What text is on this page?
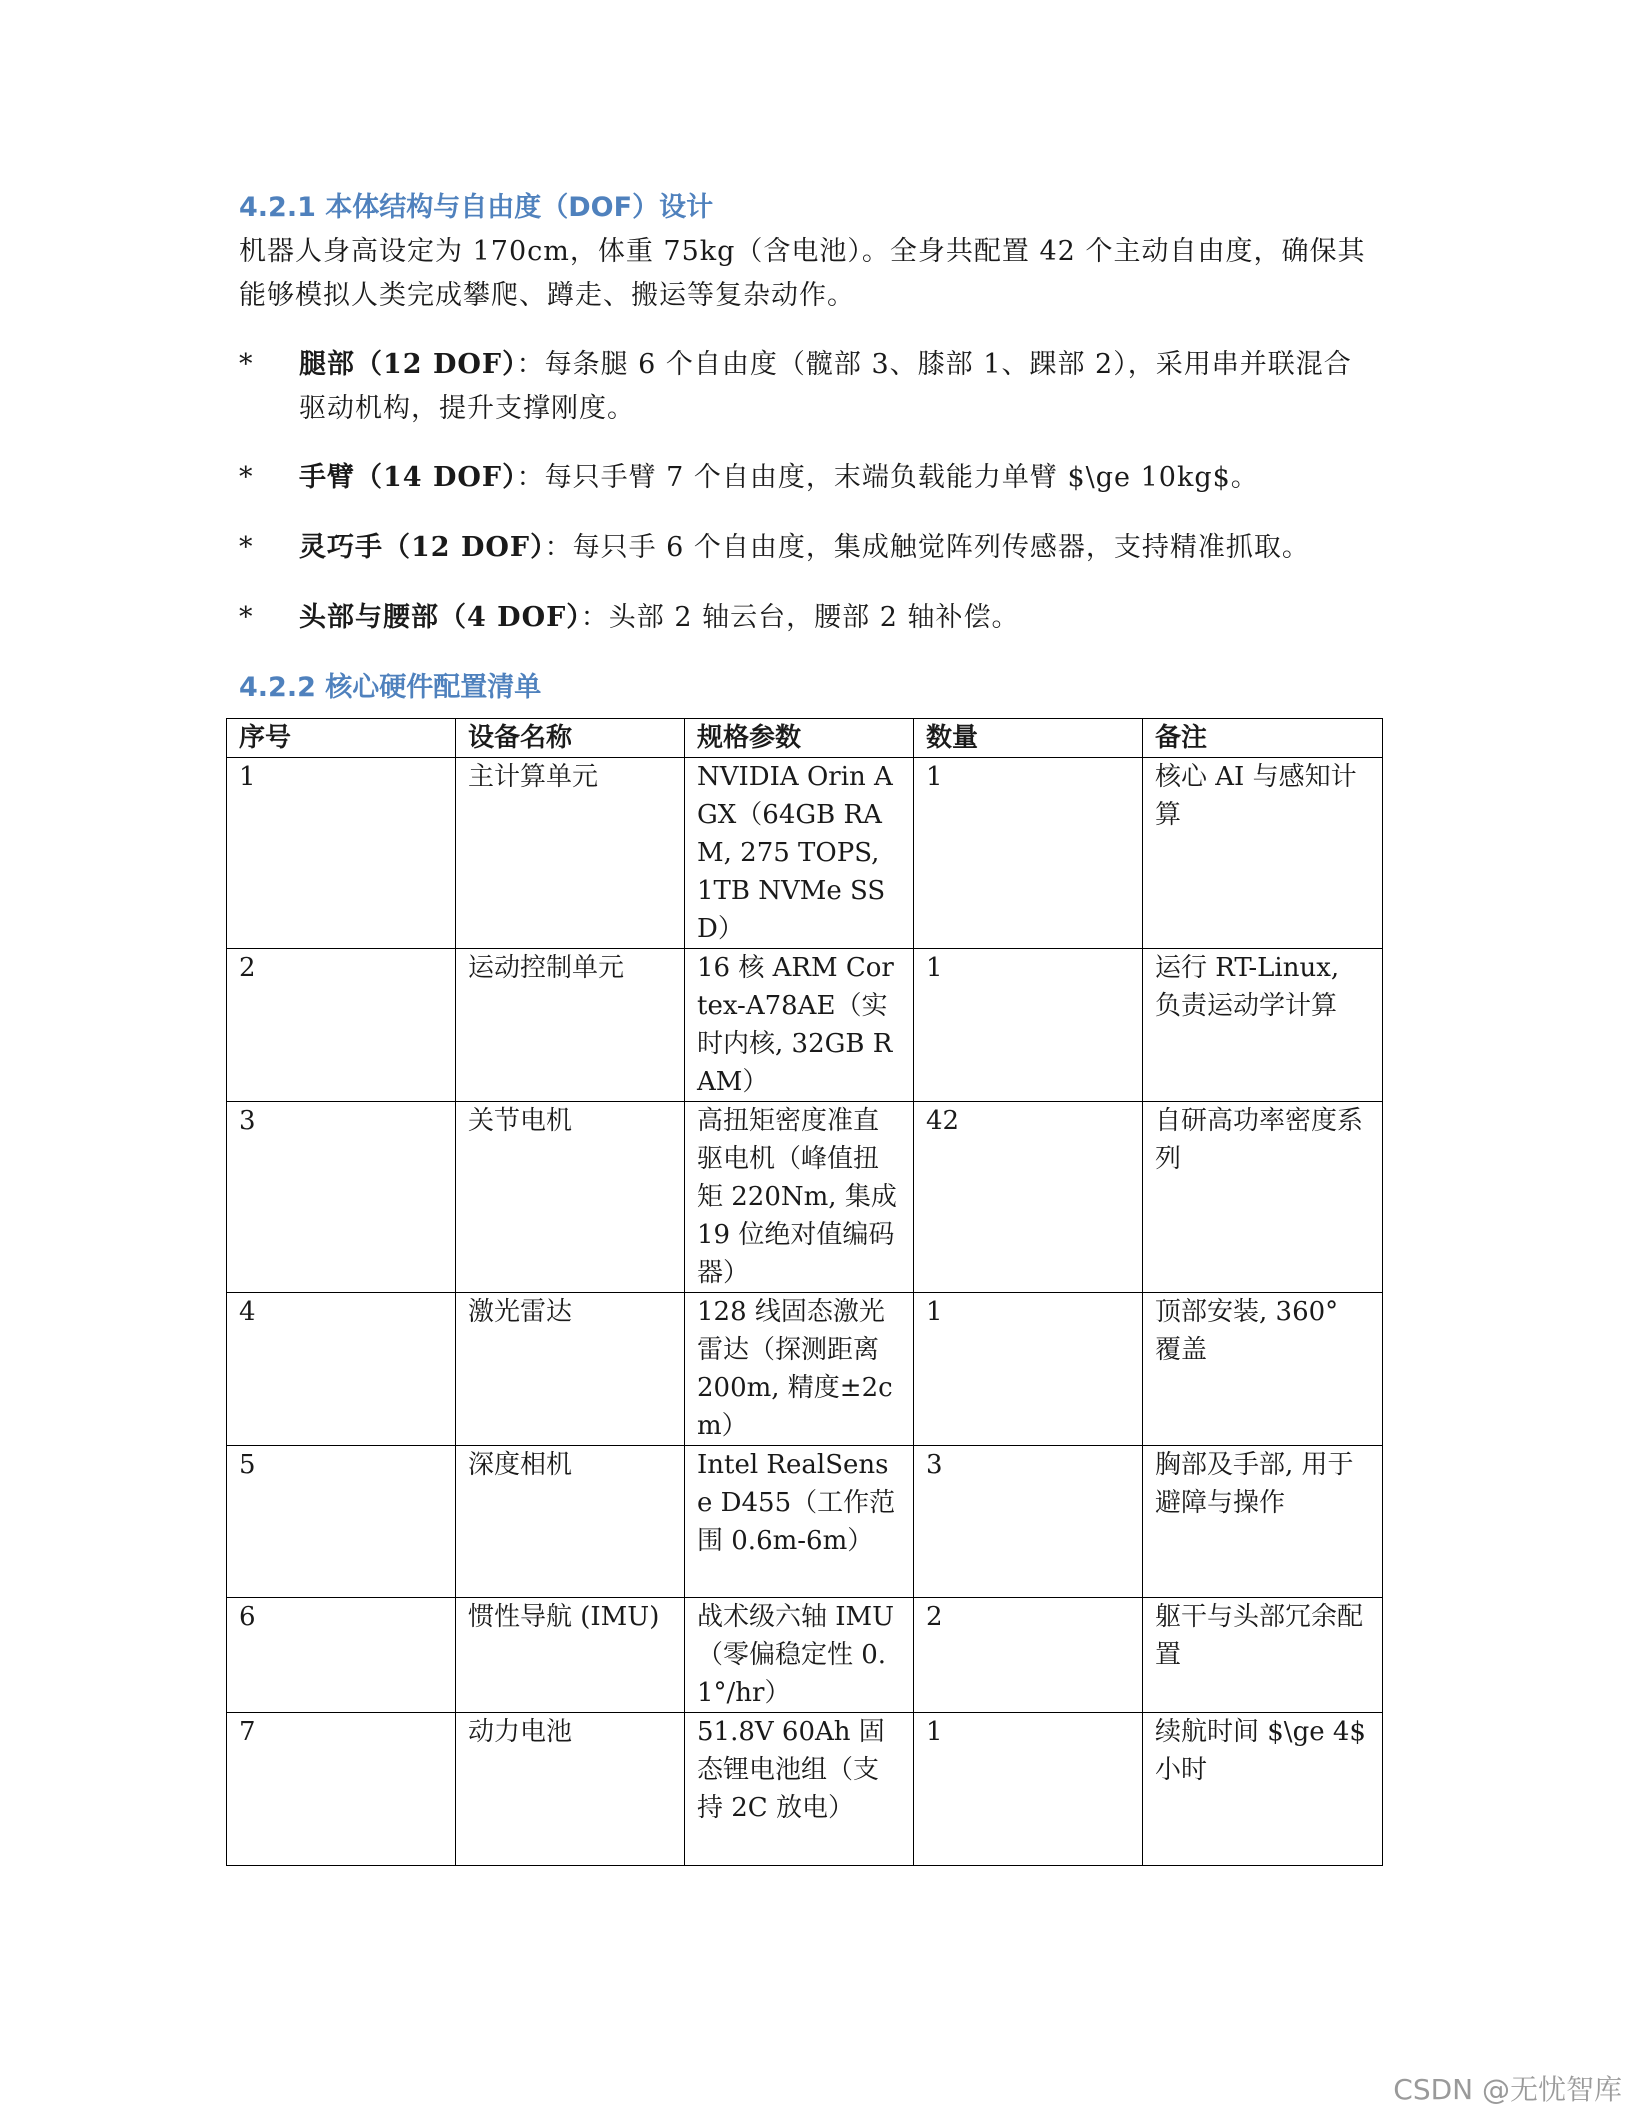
4.2.1 本体结构与自由度（DOF）设计
机器人身高设定为 170cm，体重 75kg（含电池）。全身共配置 42 个主动自由度，确保其能够模拟人类完成攀爬、蹲走、搬运等复杂动作。
* 腿部（12 DOF）：每条腿 6 个自由度（髋部 3、膝部 1、踝部 2），采用串并联混合驱动机构，提升支撑刚度。
* 手臂（14 DOF）：每只手臂 7 个自由度，末端负载能力单臂 $\ge 10kg$。
* 灵巧手（12 DOF）：每只手 6 个自由度，集成触觉阵列传感器，支持精准抓取。
* 头部与腰部（4 DOF）：头部 2 轴云台，腰部 2 轴补偿。
4.2.2 核心硬件配置清单
序号	设备名称	规格参数	数量	备注
1	主计算单元	NVIDIA Orin AGX（64GB RAM, 275 TOPS, 1TB NVMe SSD）	1	核心 AI 与感知计算
2	运动控制单元	16 核 ARM Cortex-A78AE（实时内核, 32GB RAM）	1	运行 RT-Linux, 负责运动学计算
3	关节电机	高扭矩密度准直驱电机（峰值扭矩 220Nm, 集成 19 位绝对值编码器）	42	自研高功率密度系列
4	激光雷达	128 线固态激光雷达（探测距离 200m, 精度±2cm）	1	顶部安装, 360° 覆盖
5	深度相机	Intel RealSense D455（工作范围 0.6m-6m）	3	胸部及手部, 用于避障与操作
6	惯性导航 (IMU)	战术级六轴 IMU（零偏稳定性 0.1°/hr）	2	躯干与头部冗余配置
7	动力电池	51.8V 60Ah 固态锂电池组（支持 2C 放电）	1	续航时间 $\ge 4$ 小时
CSDN @无忧智库
